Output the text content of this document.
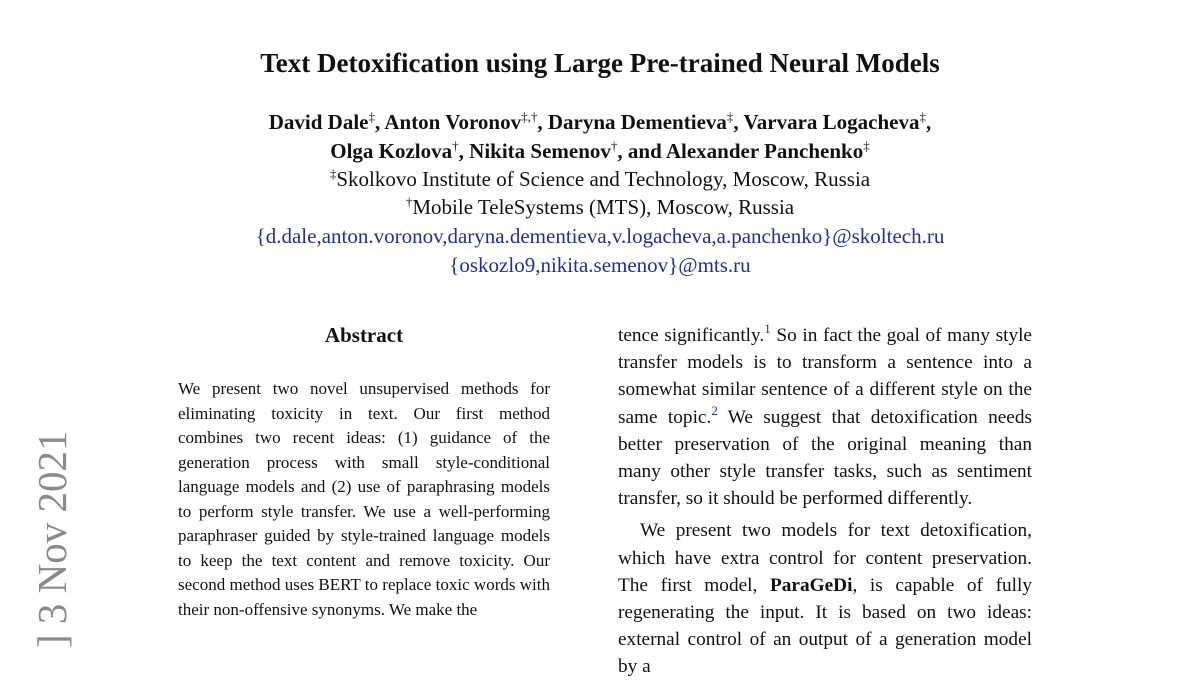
Text Detoxification using Large Pre-trained Neural Models
David Dale‡, Anton Voronov‡,†, Daryna Dementieva‡, Varvara Logacheva‡,
Olga Kozlova†, Nikita Semenov†, and Alexander Panchenko‡
‡Skolkovo Institute of Science and Technology, Moscow, Russia
†Mobile TeleSystems (MTS), Moscow, Russia
{d.dale,anton.voronov,daryna.dementieva,v.logacheva,a.panchenko}@skoltech.ru
{oskozlo9,nikita.semenov}@mts.ru
Abstract

We present two novel unsupervised methods for eliminating toxicity in text. Our first method combines two recent ideas: (1) guidance of the generation process with small style-conditional language models and (2) use of paraphrasing models to perform style transfer. We use a well-performing paraphraser guided by style-trained language models to keep the text content and remove toxicity. Our second method uses BERT to replace toxic words with their non-offensive synonyms. We make the

tence significantly.$^1$ So in fact the goal of many style transfer models is to transform a sentence into a somewhat similar sentence of a different style on the same topic.$^2$ We suggest that detoxification needs better preservation of the original meaning than many other style transfer tasks, such as sentiment transfer, so it should be performed differently.

We present two models for text detoxification, which have extra control for content preservation. The first model, ParaGeDi, is capable of fully regenerating the input. It is based on two ideas: external control of an output of a generation model by a

] 3 Nov 2021
